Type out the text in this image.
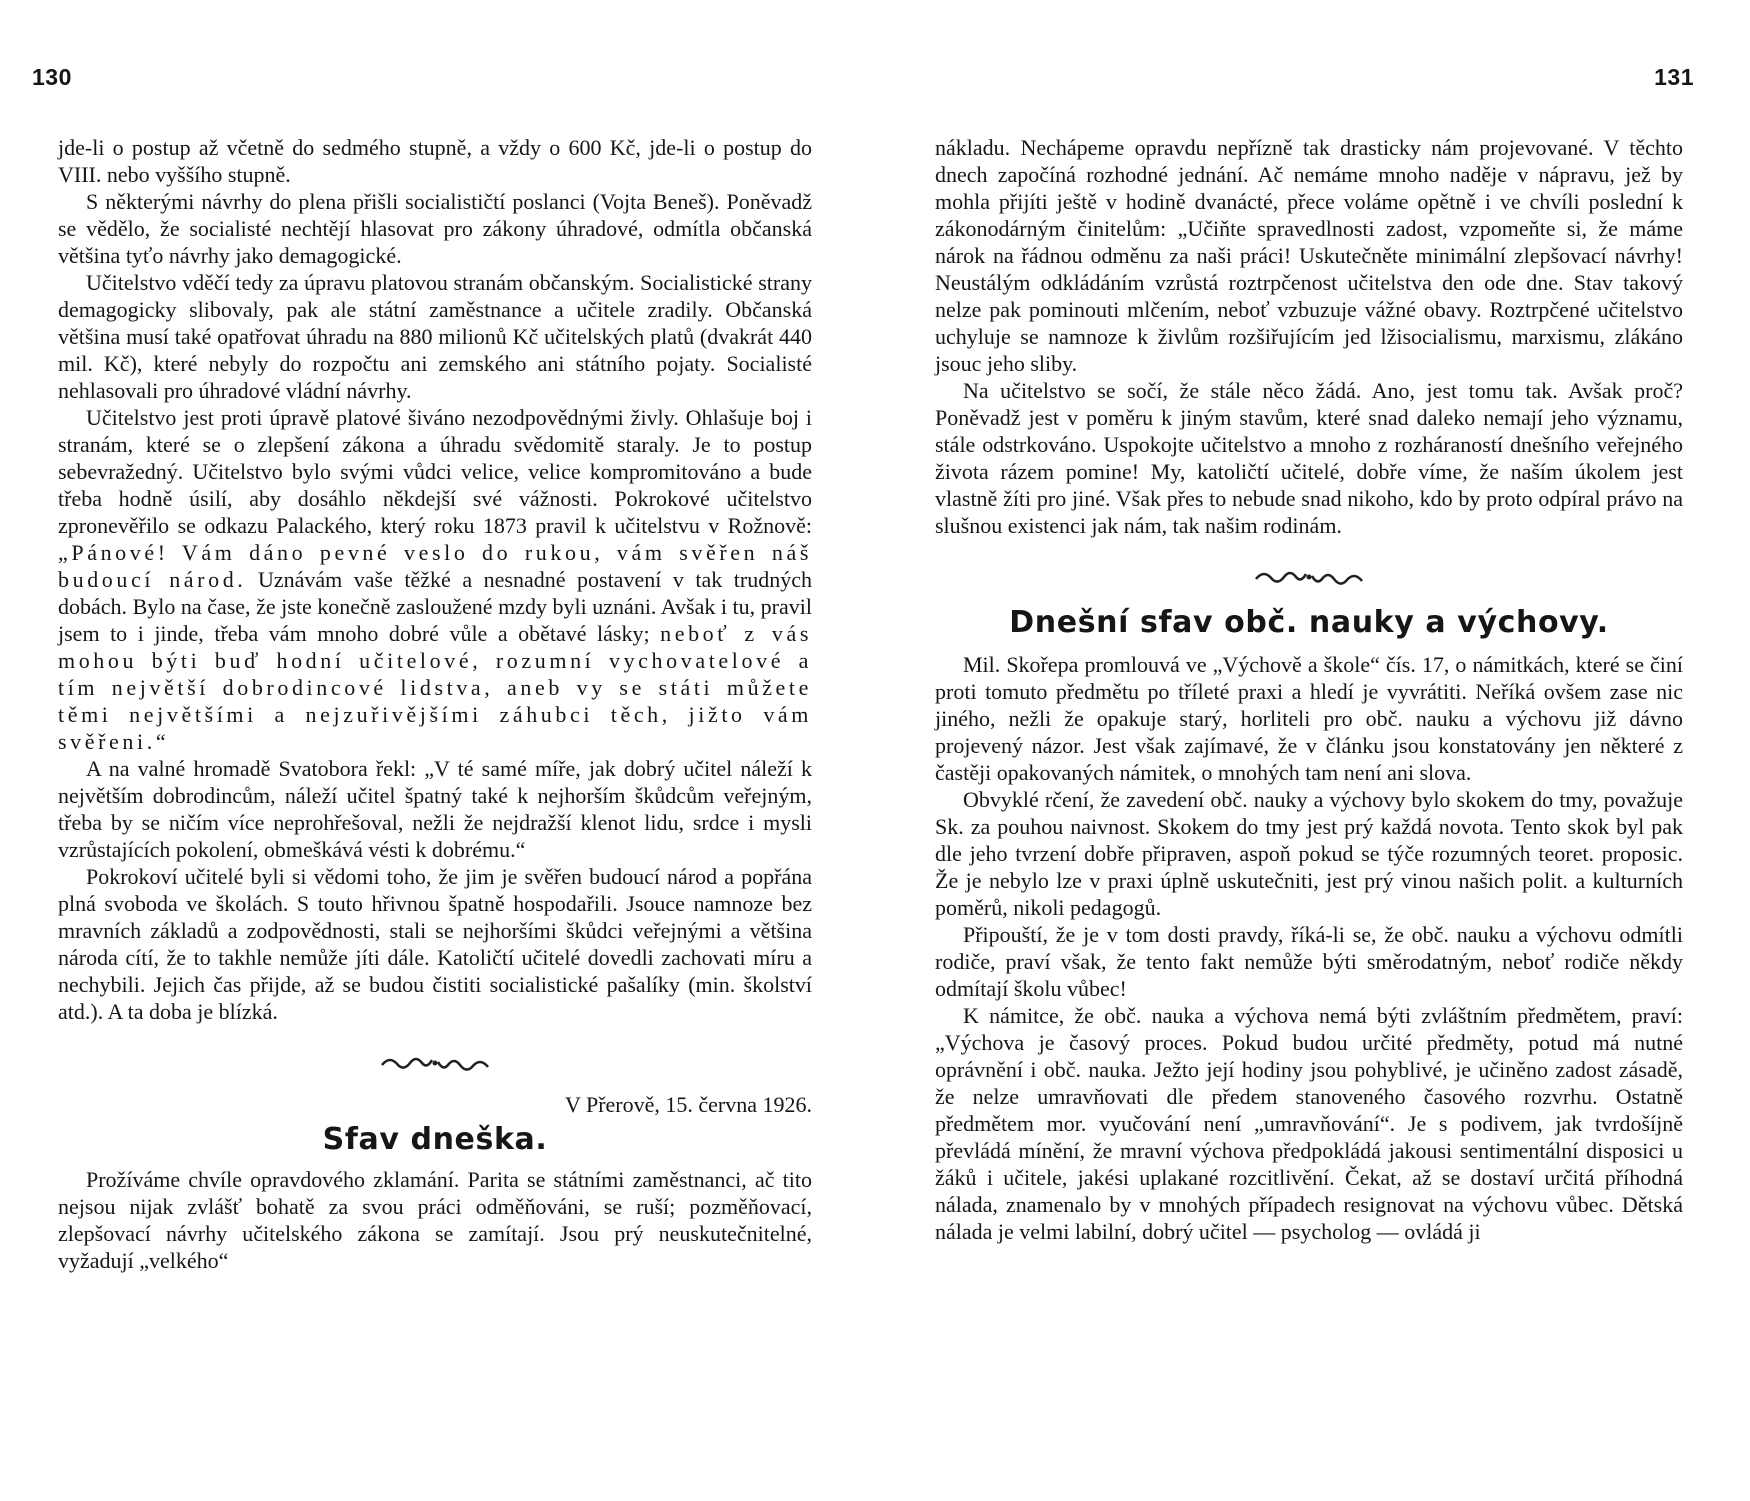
130

jde-li o postup až včetně do sedmého stupně, a vždy o 600 Kč, jde-li o postup do VIII. nebo vyššího stupně.

S některými návrhy do plena přišli socialističtí poslanci (Vojta Beneš). Poněvadž se vědělo, že socialisté nechtějí hlasovat pro zákony úhradové, odmítla občanská většina tyťo návrhy jako demagogické.

Učitelstvo vděčí tedy za úpravu platovou stranám občanským. Socialistické strany demagogicky slibovaly, pak ale státní zaměstnance a učitele zradily. Občanská většina musí také opatřovat úhradu na 880 milionů Kč učitelských platů (dvakrát 440 mil. Kč), které nebyly do rozpočtu ani zemského ani státního pojaty. Socialisté nehlasovali pro úhradové vládní návrhy.

Učitelstvo jest proti úpravě platové šiváno nezodpovědnými živly. Ohlašuje boj i stranám, které se o zlepšení zákona a úhradu svědomitě staraly. Je to postup sebevražedný. Učitelstvo bylo svými vůdci velice, velice kompromitováno a bude třeba hodně úsilí, aby dosáhlo někdejší své vážnosti. Pokrokové učitelstvo zpronevěřilo se odkazu Palackého, který roku 1873 pravil k učitelstvu v Rožnově: „Pánové! Vám dáno pevné veslo do rukou, vám svěřen náš budoucí národ. Uznávám vaše těžké a nesnadné postavení v tak trudných dobách. Bylo na čase, že jste konečně zasloužené mzdy byli uznáni. Avšak i tu, pravil jsem to i jinde, třeba vám mnoho dobré vůle a obětavé lásky; neboť z vás mohou býti buď hodní učitelové, rozumní vychovatelové a tím největší dobrodincové lidstva, aneb vy se státi můžete těmi největšími a nejzuřivějšími záhubci těch, jižto vám svěřeni.“

A na valné hromadě Svatobora řekl: „V té samé míře, jak dobrý učitel náleží k největším dobrodincům, náleží učitel špatný také k nejhorším škůdcům veřejným, třeba by se ničím více neprohřešoval, nežli že nejdražší klenot lidu, srdce i mysli vzrůstajících pokolení, obmeškává vésti k dobrému.“

Pokrokoví učitelé byli si vědomi toho, že jim je svěřen budoucí národ a popřána plná svoboda ve školách. S touto hřivnou špatně hospodařili. Jsouce namnoze bez mravních základů a zodpovědnosti, stali se nejhoršími škůdci veřejnými a většina národa cítí, že to takhle nemůže jíti dále. Katoličtí učitelé dovedli zachovati míru a nechybili. Jejich čas přijde, až se budou čistiti socialistické pašalíky (min. školství atd.). A ta doba je blízká.

V Přerově, 15. června 1926.

Sfav dneška.

Prožíváme chvíle opravdového zklamání. Parita se státními zaměstnanci, ač tito nejsou nijak zvlášť bohatě za svou práci odměňováni, se ruší; pozměňovací, zlepšovací návrhy učitelského zákona se zamítají. Jsou prý neuskutečnitelné, vyžadují „velkého“

131

nákladu. Nechápeme opravdu nepřízně tak drasticky nám projevované. V těchto dnech započíná rozhodné jednání. Ač nemáme mnoho naděje v nápravu, jež by mohla přijíti ještě v hodině dvanácté, přece voláme opětně i ve chvíli poslední k zákonodárným činitelům: „Učiňte spravedlnosti zadost, vzpomeňte si, že máme nárok na řádnou odměnu za naši práci! Uskutečněte minimální zlepšovací návrhy! Neustálým odkládáním vzrůstá roztrpčenost učitelstva den ode dne. Stav takový nelze pak pominouti mlčením, neboť vzbuzuje vážné obavy. Roztrpčené učitelstvo uchyluje se namnoze k živlům rozšiřujícím jed lžisocialismu, marxismu, zlákáno jsouc jeho sliby.

Na učitelstvo se sočí, že stále něco žádá. Ano, jest tomu tak. Avšak proč? Poněvadž jest v poměru k jiným stavům, které snad daleko nemají jeho významu, stále odstrkováno. Uspokojte učitelstvo a mnoho z rozháraností dnešního veřejného života rázem pomine! My, katoličtí učitelé, dobře víme, že naším úkolem jest vlastně žíti pro jiné. Však přes to nebude snad nikoho, kdo by proto odpíral právo na slušnou existenci jak nám, tak našim rodinám.

Dnešní sfav obč. nauky a výchovy.

Mil. Skořepa promlouvá ve „Výchově a škole“ čís. 17, o námitkách, které se činí proti tomuto předmětu po tříleté praxi a hledí je vyvrátiti. Neříká ovšem zase nic jiného, nežli že opakuje starý, horliteli pro obč. nauku a výchovu již dávno projevený názor. Jest však zajímavé, že v článku jsou konstatovány jen některé z častěji opakovaných námitek, o mnohých tam není ani slova.

Obvyklé rčení, že zavedení obč. nauky a výchovy bylo skokem do tmy, považuje Sk. za pouhou naivnost. Skokem do tmy jest prý každá novota. Tento skok byl pak dle jeho tvrzení dobře připraven, aspoň pokud se týče rozumných teoret. proposic. Že je nebylo lze v praxi úplně uskutečniti, jest prý vinou našich polit. a kulturních poměrů, nikoli pedagogů.

Připouští, že je v tom dosti pravdy, říká-li se, že obč. nauku a výchovu odmítli rodiče, praví však, že tento fakt nemůže býti směrodatným, neboť rodiče někdy odmítají školu vůbec!

K námitce, že obč. nauka a výchova nemá býti zvláštním předmětem, praví: „Výchova je časový proces. Pokud budou určité předměty, potud má nutné oprávnění i obč. nauka. Ježto její hodiny jsou pohyblivé, je učiněno zadost zásadě, že nelze umravňovati dle předem stanoveného časového rozvrhu. Ostatně předmětem mor. vyučování není „umravňování“. Je s podivem, jak tvrdošíjně převládá mínění, že mravní výchova předpokládá jakousi sentimentální disposici u žáků i učitele, jakési uplakané rozcitlivění. Čekat, až se dostaví určitá příhodná nálada, znamenalo by v mnohých případech resignovat na výchovu vůbec. Dětská nálada je velmi labilní, dobrý učitel — psycholog — ovládá ji
